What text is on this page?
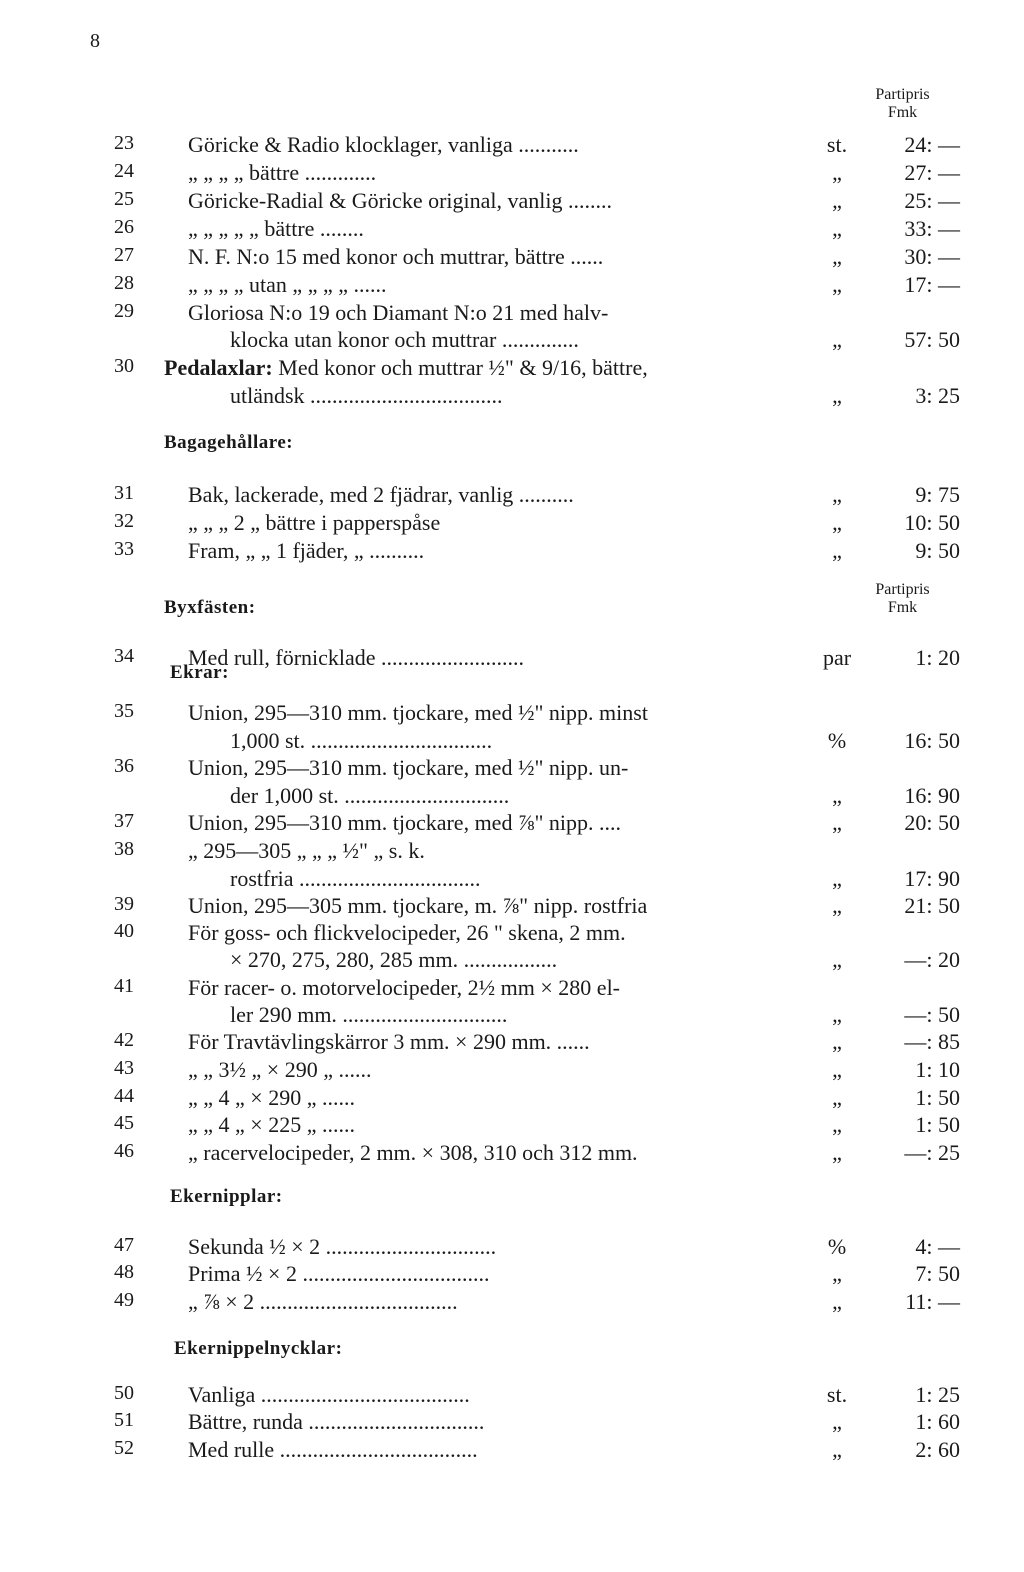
8
Partipris
Fmk
Bagagehållare:
Partipris
Fmk
Byxfästen:
Ekrar:
Ekernipplar:
Ekernippelnycklar:
23	Göricke & Radio klocklager, vanliga ...........	st.	24: —
24	„ „ „ „ bättre .............	„	27: —
25	Göricke-Radial & Göricke original, vanlig ........	„	25: —
26	„ „ „ „ „ bättre ........	„	33: —
27	N. F. N:o 15 med konor och muttrar, bättre ......	„	30: —
28	„ „ „ „ utan „ „ „ „ ......	„	17: —
29	Gloriosa N:o 19 och Diamant N:o 21 med halv-
klocka utan konor och muttrar ..............	„	57: 50
30	Pedalaxlar: Med konor och muttrar ½" & 9/16, bättre,
utländsk ...................................	„	3: 25
31	Bak, lackerade, med 2 fjädrar, vanlig ..........	„	9: 75
32	„ „ „ 2 „ bättre i papperspåse	„	10: 50
33	Fram, „ „ 1 fjäder, „ ..........	„	9: 50
34	Med rull, förnicklade ..........................	par	1: 20
35	Union, 295—310 mm. tjockare, med ½" nipp. minst
1,000 st. .................................	%	16: 50
36	Union, 295—310 mm. tjockare, med ½" nipp. un-
der 1,000 st. ..............................	„	16: 90
37	Union, 295—310 mm. tjockare, med ⅞" nipp. ....	„	20: 50
38	„ 295—305 „ „ „ ½" „ s. k.
rostfria .................................	„	17: 90
39	Union, 295—305 mm. tjockare, m. ⅞" nipp. rostfria	„	21: 50
40	För goss- och flickvelocipeder, 26 " skena, 2 mm.
× 270, 275, 280, 285 mm. .................	„	—: 20
41	För racer- o. motorvelocipeder, 2½ mm × 280 el-
ler 290 mm. ..............................	„	—: 50
42	För Travtävlingskärror 3 mm. × 290 mm. ......	„	—: 85
43	„ „ 3½ „ × 290 „ ......	„	1: 10
44	„ „ 4 „ × 290 „ ......	„	1: 50
45	„ „ 4 „ × 225 „ ......	„	1: 50
46	„ racervelocipeder, 2 mm. × 308, 310 och 312 mm.	„	—: 25
47	Sekunda ½ × 2 ...............................	%	4: —
48	Prima ½ × 2 ..................................	„	7: 50
49	„ ⅞ × 2 ....................................	„	11: —
50	Vanliga ......................................	st.	1: 25
51	Bättre, runda ................................	„	1: 60
52	Med rulle ....................................	„	2: 60
